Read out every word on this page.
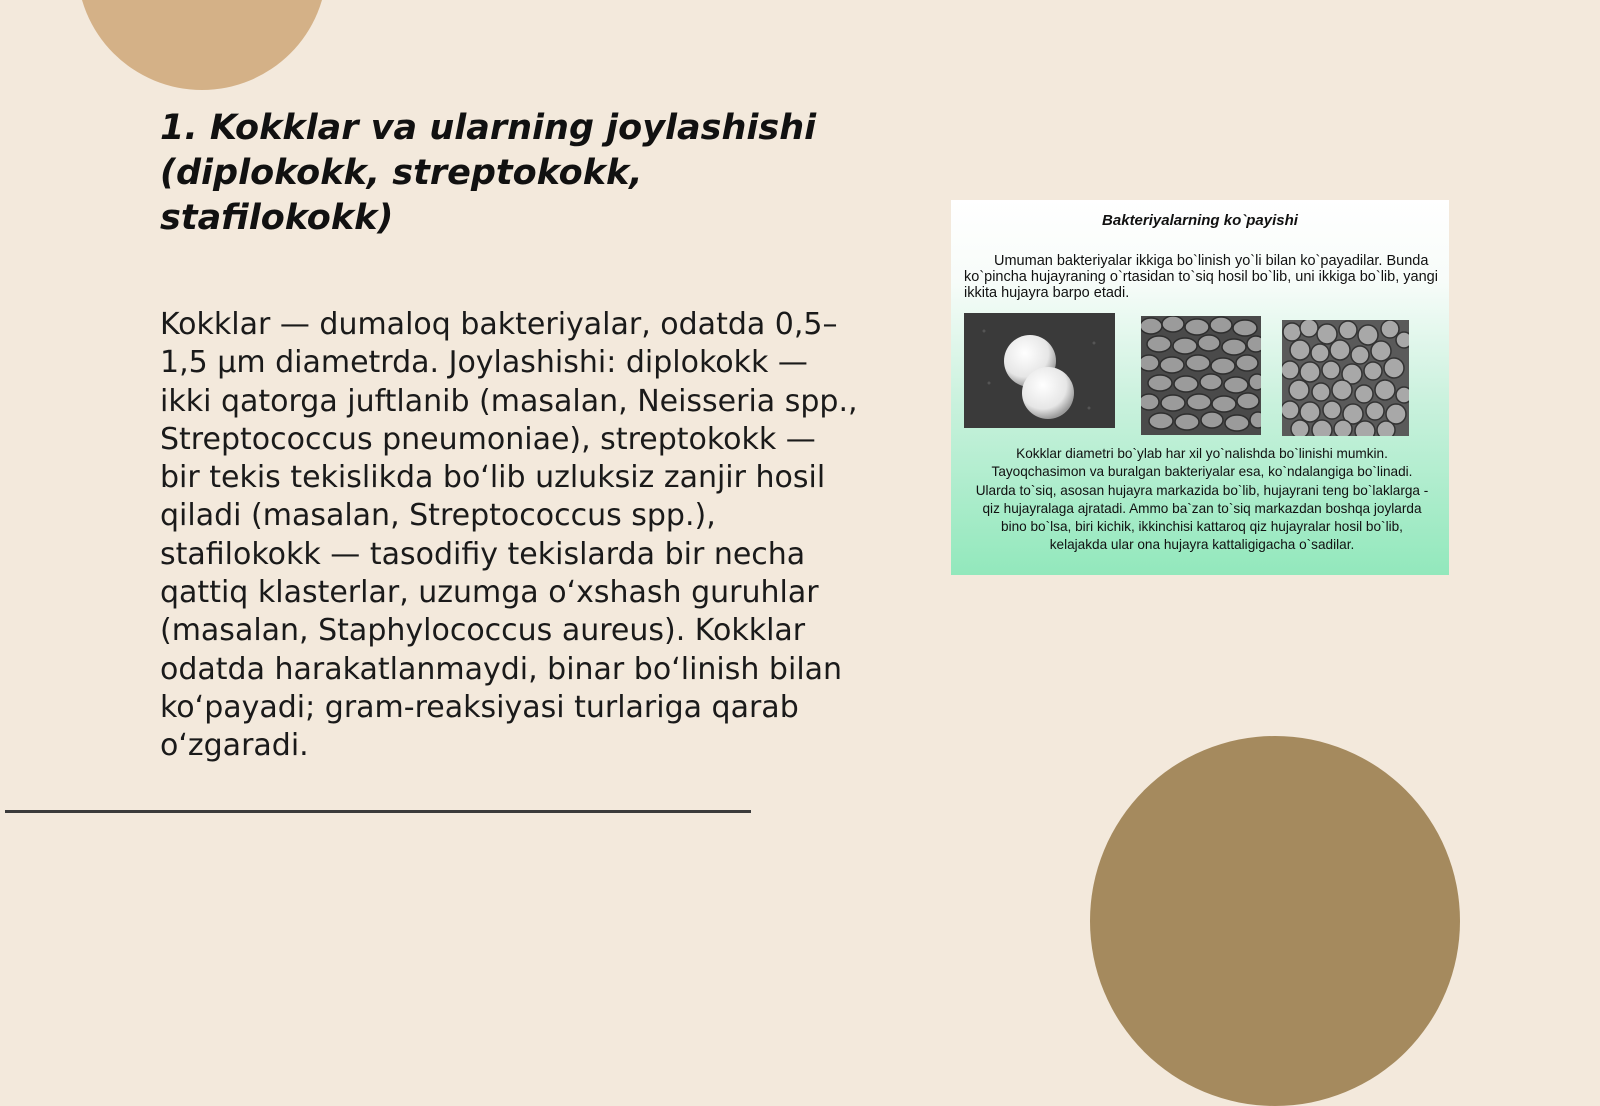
1. Kokklar va ularning joylashishi (diplokokk, streptokokk, stafilokokk)

Kokklar — dumaloq bakteriyalar, odatda 0,5–1,5 µm diametrda. Joylashishi: diplokokk — ikki qatorga juftlanib (masalan, Neisseria spp., Streptococcus pneumoniae), streptokokk — bir tekis tekislikda bo‘lib uzluksiz zanjir hosil qiladi (masalan, Streptococcus spp.), stafilokokk — tasodifiy tekislarda bir necha qattiq klasterlar, uzumga o‘xshash guruhlar (masalan, Staphylococcus aureus). Kokklar odatda harakatlanmaydi, binar bo‘linish bilan ko‘payadi; gram-reaksiyasi turlariga qarab o‘zgaradi.

Bakteriyalarning ko`payishi

Umuman bakteriyalar ikkiga bo`linish yo`li bilan ko`payadilar. Bunda ko`pincha hujayraning o`rtasidan to`siq hosil bo`lib, uni ikkiga bo`lib, yangi ikkita hujayra barpo etadi.

Kokklar diametri bo`ylab har xil yo`nalishda bo`linishi mumkin. Tayoqchasimon va buralgan bakteriyalar esa, ko`ndalangiga bo`linadi. Ularda to`siq, asosan hujayra markazida bo`lib, hujayrani teng bo`laklarga - qiz hujayralaga ajratadi. Ammo ba`zan to`siq markazdan boshqa joylarda bino bo`lsa, biri kichik, ikkinchisi kattaroq qiz hujayralar hosil bo`lib, kelajakda ular ona hujayra kattaligigacha o`sadilar.
